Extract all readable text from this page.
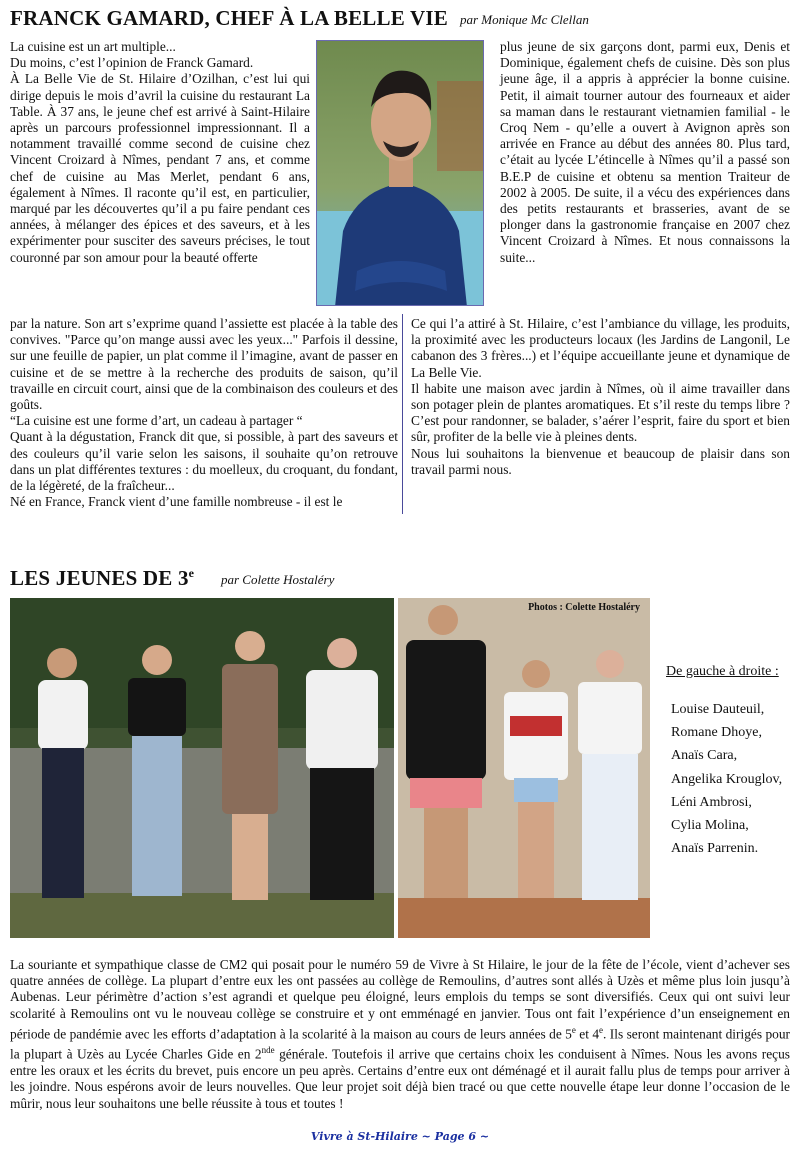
FRANCK GAMARD, CHEF À LA BELLE VIE par Monique Mc Clellan

La cuisine est un art multiple...

Du moins, c’est l’opinion de Franck Gamard.

À La Belle Vie de St. Hilaire d’Ozilhan, c’est lui qui dirige depuis le mois d’avril la cuisine du restaurant La Table. À 37 ans, le jeune chef est arrivé à Saint-Hilaire après un parcours professionnel impressionnant. Il a notamment travaillé comme second de cuisine chez Vincent Croizard à Nîmes, pendant 7 ans, et comme chef de cuisine au Mas Merlet, pendant 6 ans, également à Nîmes. Il raconte qu’il est, en particulier, marqué par les découvertes qu’il a pu faire pendant ces années, à mélanger des épices et des saveurs, et à les expérimenter pour susciter des saveurs précises, le tout couronné par son amour pour la beauté offerte

par la nature. Son art s’exprime quand l’assiette est placée à la table des convives. "Parce qu’on mange aussi avec les yeux..." Parfois il dessine, sur une feuille de papier, un plat comme il l’imagine, avant de passer en cuisine et de se mettre à la recherche des produits de saison, qu’il travaille en circuit court, ainsi que de la combinaison des couleurs et des goûts.

“La cuisine est une forme d’art, un cadeau à partager “

Quant à la dégustation, Franck dit que, si possible, à part des saveurs et des couleurs qu’il varie selon les saisons, il souhaite qu’on retrouve dans un plat différentes textures : du moelleux, du croquant, du fondant, de la légèreté, de la fraîcheur...

Né en France, Franck vient d’une famille nombreuse - il est le

plus jeune de six garçons dont, parmi eux, Denis et Dominique, également chefs de cuisine. Dès son plus jeune âge, il a appris à apprécier la bonne cuisine. Petit, il aimait tourner autour des fourneaux et aider sa maman dans le restaurant vietnamien familial - le Croq Nem - qu’elle a ouvert à Avignon après son arrivée en France au début des années 80. Plus tard, c’était au lycée L’étincelle à Nîmes qu’il a passé son B.E.P de cuisine et obtenu sa mention Traiteur de 2002 à 2005. De suite, il a vécu des expériences dans des petits restaurants et brasseries, avant de se plonger dans la gastronomie française en 2007 chez Vincent Croizard à Nîmes. Et nous connaissons la suite...

Ce qui l’a attiré à St. Hilaire, c’est l’ambiance du village, les produits, la proximité avec les producteurs locaux (les Jardins de Langonil, Le cabanon des 3 frères...) et l’équipe accueillante jeune et dynamique de La Belle Vie.

Il habite une maison avec jardin à Nîmes, où il aime travailler dans son potager plein de plantes aromatiques. Et s’il reste du temps libre ? C’est pour randonner, se balader, s’aérer l’esprit, faire du sport et bien sûr, profiter de la belle vie à pleines dents.

Nous lui souhaitons la bienvenue et beaucoup de plaisir dans son travail parmi nous.

LES JEUNES DE 3e par Colette Hostaléry
Photos : Colette Hostaléry
De gauche à droite :
Louise Dauteuil,
Romane Dhoye,
Anaïs Cara,
Angelika Krouglov,
Léni Ambrosi,
Cylia Molina,
Anaïs Parrenin.

La souriante et sympathique classe de CM2 qui posait pour le numéro 59 de Vivre à St Hilaire, le jour de la fête de l’école, vient d’achever ses quatre années de collège. La plupart d’entre eux les ont passées au collège de Remoulins, d’autres sont allés à Uzès et même plus loin jusqu’à Aubenas. Leur périmètre d’action s’est agrandi et quelque peu éloigné, leurs emplois du temps se sont diversifiés. Ceux qui ont suivi leur scolarité à Remoulins ont vu le nouveau collège se construire et y ont emménagé en janvier. Tous ont fait l’expérience d’un enseignement en période de pandémie avec les efforts d’adaptation à la scolarité à la maison au cours de leurs années de 5e et 4e. Ils seront maintenant dirigés pour la plupart à Uzès au Lycée Charles Gide en 2nde générale. Toutefois il arrive que certains choix les conduisent à Nîmes. Nous les avons reçus entre les oraux et les écrits du brevet, puis encore un peu après. Certains d’entre eux ont déménagé et il aurait fallu plus de temps pour arriver à les joindre. Nous espérons avoir de leurs nouvelles. Que leur projet soit déjà bien tracé ou que cette nouvelle étape leur donne l’occasion de le mûrir, nous leur souhaitons une belle réussite à tous et toutes !

Vivre à St-Hilaire ~ Page 6 ~
